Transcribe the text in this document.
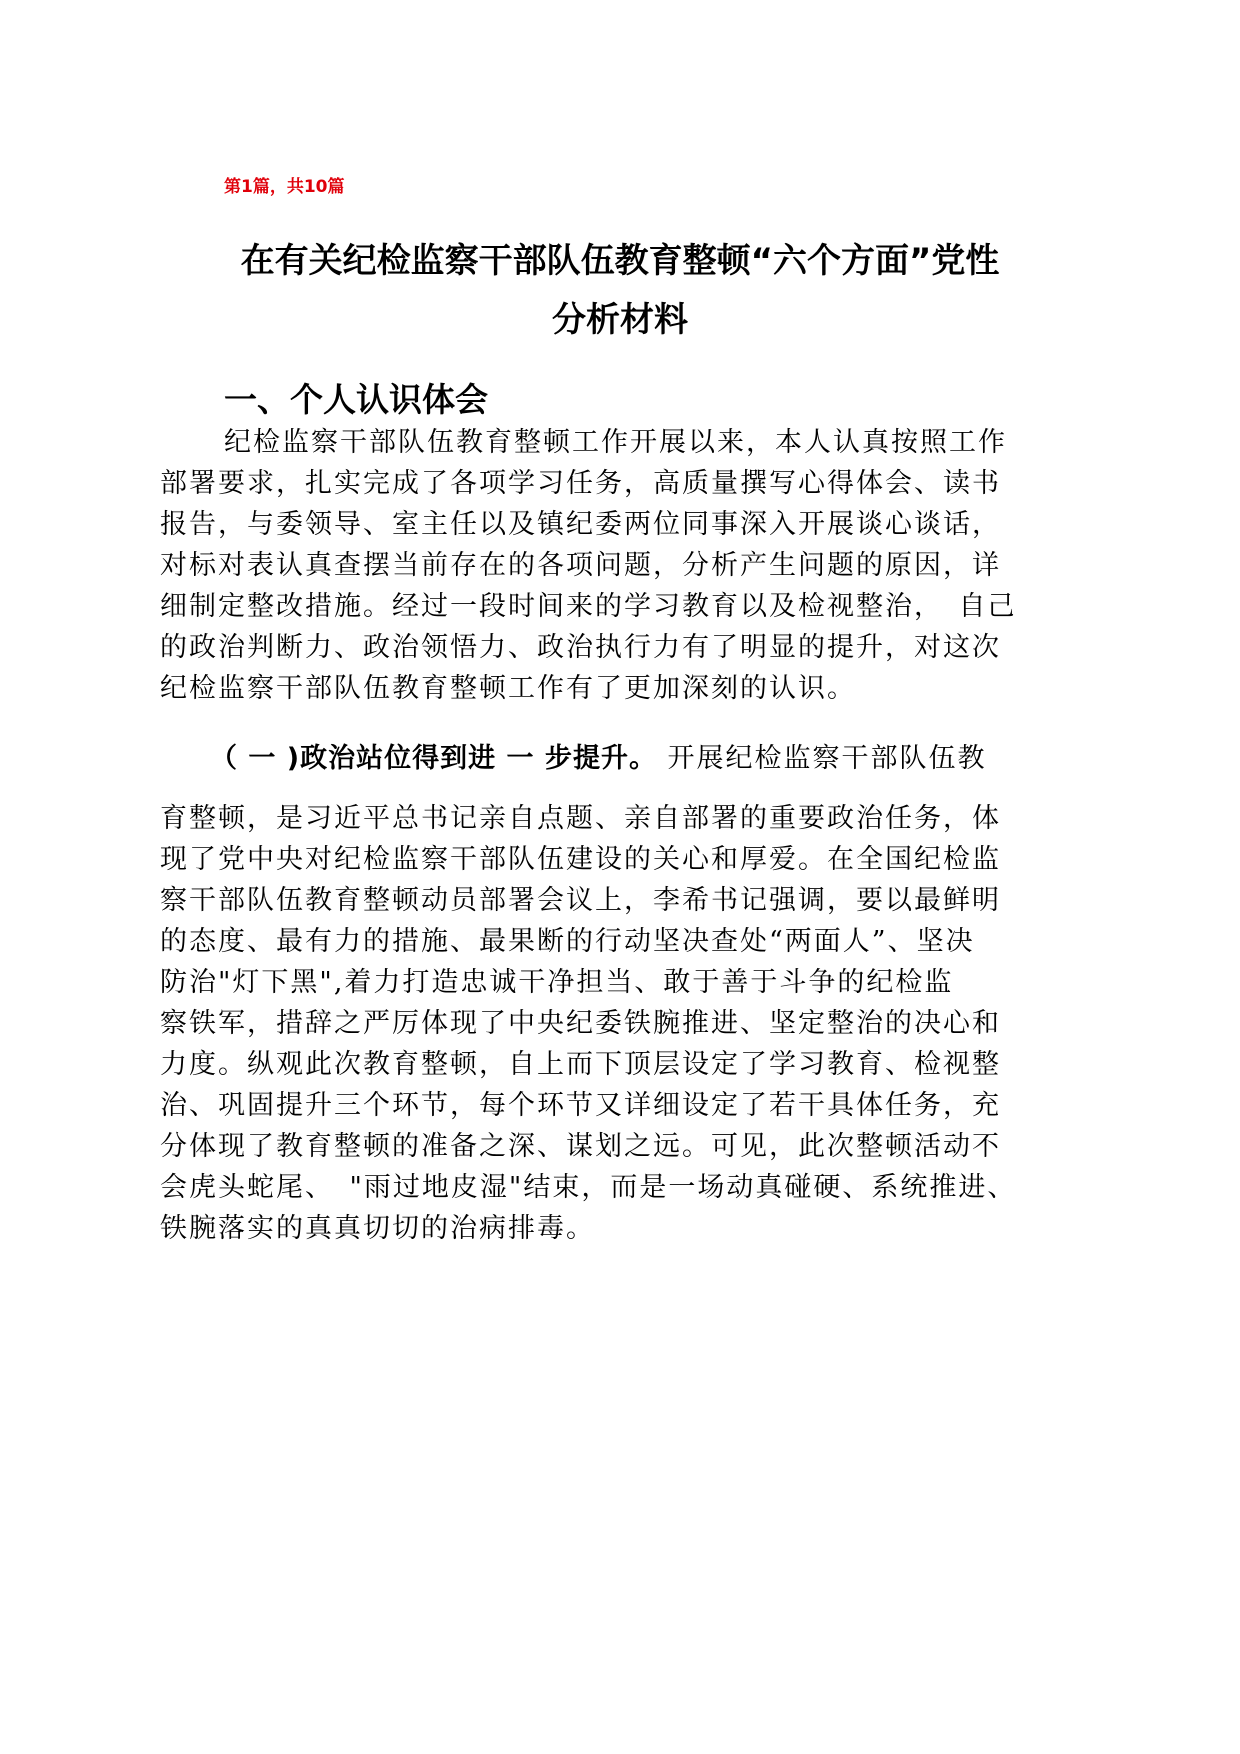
第1篇，共10篇
在有关纪检监察干部队伍教育整顿“六个方面”党性
分析材料
一、个人认识体会
纪检监察干部队伍教育整顿工作开展以来，本人认真按照工作
部署要求，扎实完成了各项学习任务，高质量撰写心得体会、读书
报告，与委领导、室主任以及镇纪委两位同事深入开展谈心谈话，
对标对表认真查摆当前存在的各项问题，分析产生问题的原因，详
细制定整改措施。经过一段时间来的学习教育以及检视整治，　自己
的政治判断力、政治领悟力、政治执行力有了明显的提升，对这次
纪检监察干部队伍教育整顿工作有了更加深刻的认识。
（ 一 )政治站位得到进 一 步提升。 开展纪检监察干部队伍教
育整顿，是习近平总书记亲自点题、亲自部署的重要政治任务，体
现了党中央对纪检监察干部队伍建设的关心和厚爱。在全国纪检监
察干部队伍教育整顿动员部署会议上，李希书记强调，要以最鲜明
的态度、最有力的措施、最果断的行动坚决查处“两面人”、坚决
防治"灯下黑",着力打造忠诚干净担当、敢于善于斗争的纪检监
察铁军，措辞之严厉体现了中央纪委铁腕推进、坚定整治的决心和
力度。纵观此次教育整顿，自上而下顶层设定了学习教育、检视整
治、巩固提升三个环节，每个环节又详细设定了若干具体任务，充
分体现了教育整顿的准备之深、谋划之远。可见，此次整顿活动不
会虎头蛇尾、　"雨过地皮湿"结束，而是一场动真碰硬、系统推进、
铁腕落实的真真切切的治病排毒。
